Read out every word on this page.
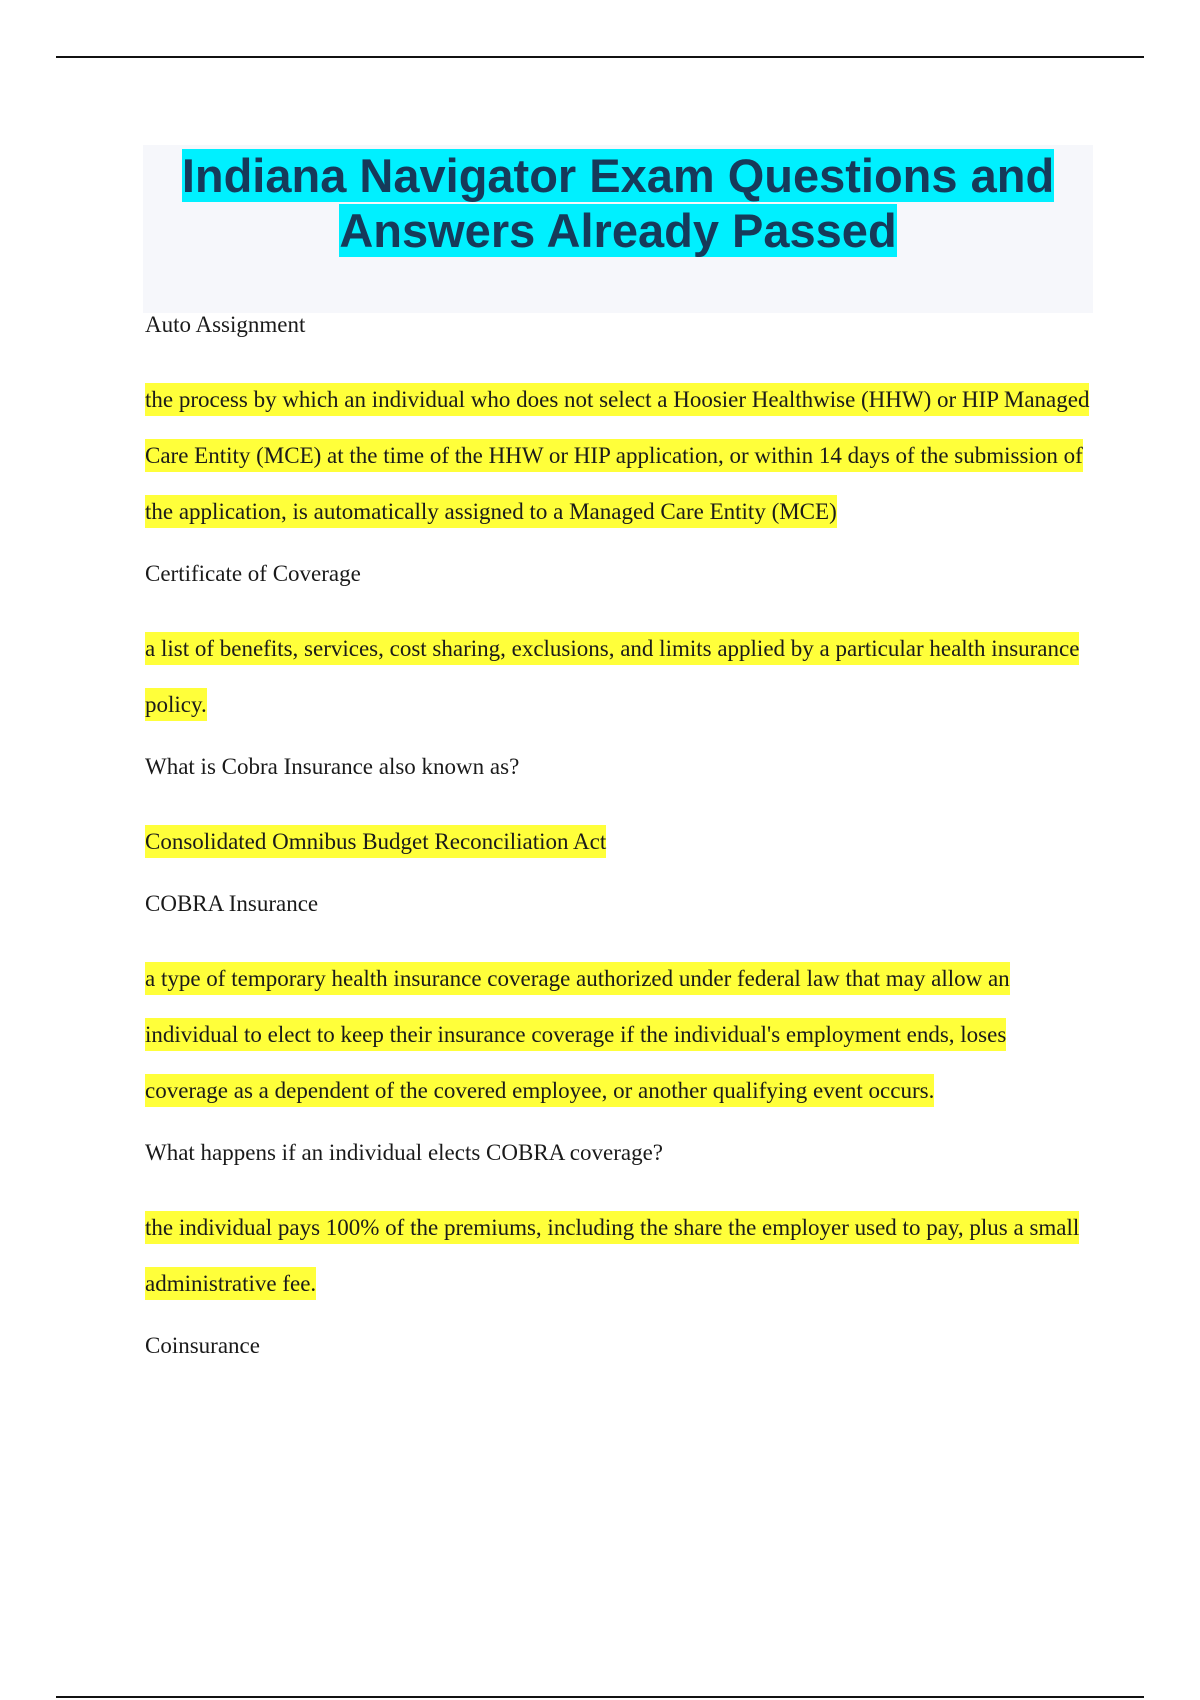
Indiana Navigator Exam Questions and Answers Already Passed

Auto Assignment

the process by which an individual who does not select a Hoosier Healthwise (HHW) or HIP Managed Care Entity (MCE) at the time of the HHW or HIP application, or within 14 days of the submission of the application, is automatically assigned to a Managed Care Entity (MCE)

Certificate of Coverage

a list of benefits, services, cost sharing, exclusions, and limits applied by a particular health insurance policy.

What is Cobra Insurance also known as?

Consolidated Omnibus Budget Reconciliation Act

COBRA Insurance

a type of temporary health insurance coverage authorized under federal law that may allow an individual to elect to keep their insurance coverage if the individual's employment ends, loses coverage as a dependent of the covered employee, or another qualifying event occurs.

What happens if an individual elects COBRA coverage?

the individual pays 100% of the premiums, including the share the employer used to pay, plus a small administrative fee.

Coinsurance
